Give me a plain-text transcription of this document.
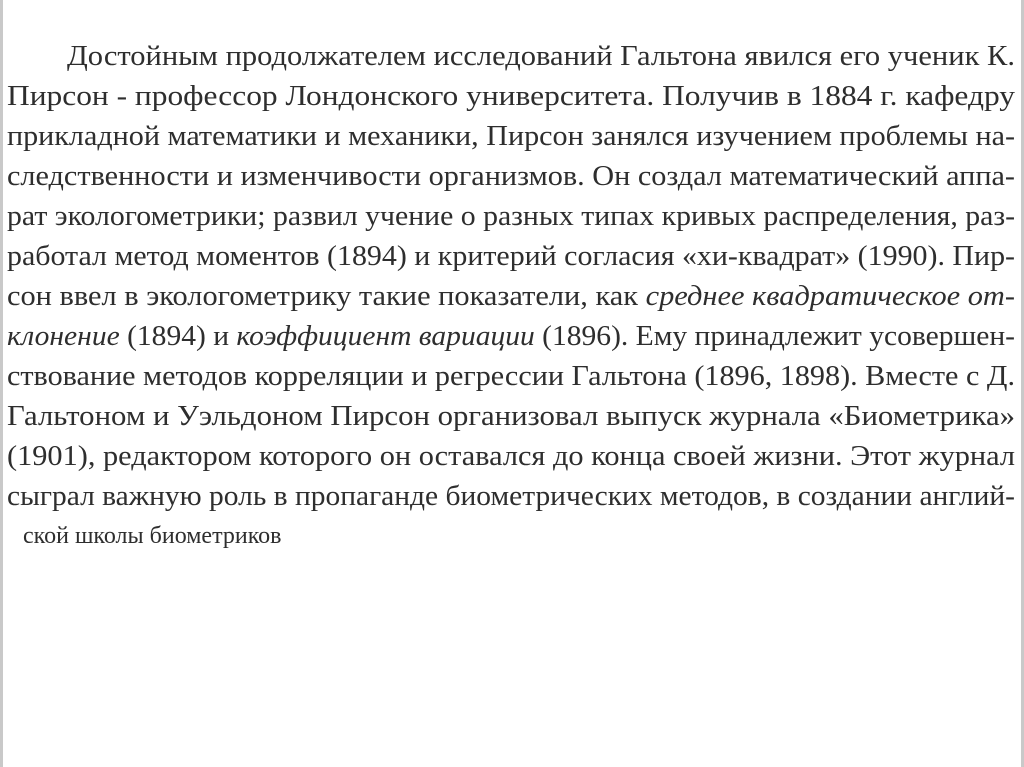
Достойным продолжателем исследований Гальтона явился его ученик К.
Пирсон - профессор Лондонского университета. Получив в 1884 г. кафедру
прикладной математики и механики, Пирсон занялся изучением проблемы на-
следственности и изменчивости организмов. Он создал математический аппа-
рат экологометрики; развил учение о разных типах кривых распределения, раз-
работал метод моментов (1894) и критерий согласия «хи-квадрат» (1990). Пир-
сон ввел в экологометрику такие показатели, как среднее квадратическое от-
клонение (1894) и коэффициент вариации (1896). Ему принадлежит усовершен-
ствование методов корреляции и регрессии Гальтона (1896, 1898). Вместе с Д.
Гальтоном и Уэльдоном Пирсон организовал выпуск журнала «Биометрика»
(1901), редактором которого он оставался до конца своей жизни. Этот журнал
сыграл важную роль в пропаганде биометрических методов, в создании англий-
ской школы биометриков
